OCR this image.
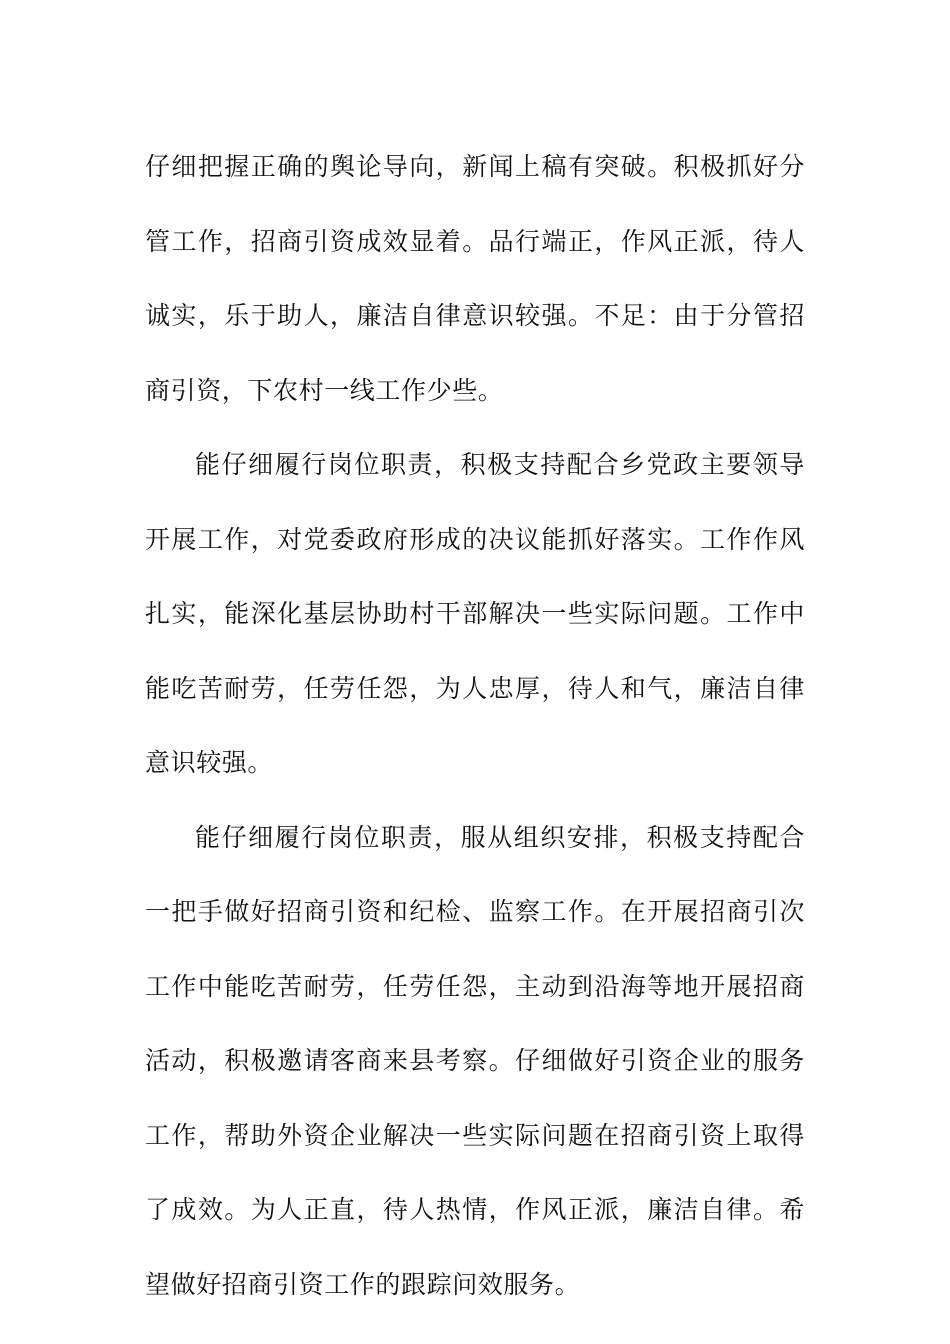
仔细把握正确的舆论导向，新闻上稿有突破。积极抓好分管工作，招商引资成效显着。品行端正，作风正派，待人诚实，乐于助人，廉洁自律意识较强。不足：由于分管招商引资，下农村一线工作少些。

能仔细履行岗位职责，积极支持配合乡党政主要领导开展工作，对党委政府形成的决议能抓好落实。工作作风扎实，能深化基层协助村干部解决一些实际问题。工作中能吃苦耐劳，任劳任怨，为人忠厚，待人和气，廉洁自律意识较强。

能仔细履行岗位职责，服从组织安排，积极支持配合一把手做好招商引资和纪检、监察工作。在开展招商引次工作中能吃苦耐劳，任劳任怨，主动到沿海等地开展招商活动，积极邀请客商来县考察。仔细做好引资企业的服务工作，帮助外资企业解决一些实际问题在招商引资上取得了成效。为人正直，待人热情，作风正派，廉洁自律。希望做好招商引资工作的跟踪问效服务。
